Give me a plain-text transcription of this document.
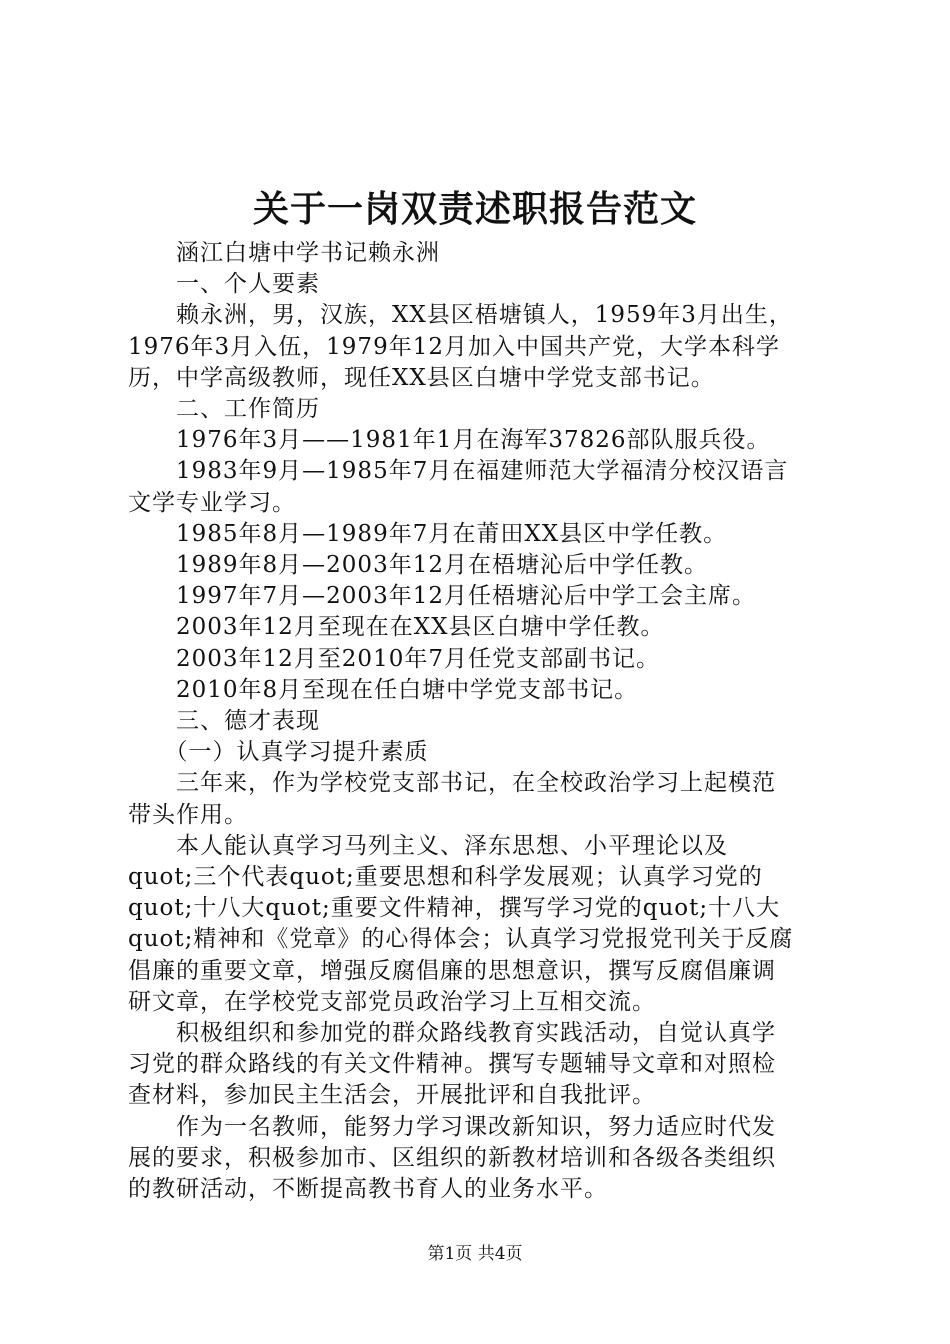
关于一岗双责述职报告范文
　　涵江白塘中学书记赖永洲
　　一、个人要素
　　赖永洲，男，汉族，XX县区梧塘镇人，1959年3月出生，
1976年3月入伍，1979年12月加入中国共产党，大学本科学
历，中学高级教师，现任XX县区白塘中学党支部书记。
　　二、工作简历
　　1976年3月——1981年1月在海军37826部队服兵役。
　　1983年9月—1985年7月在福建师范大学福清分校汉语言
文学专业学习。
　　1985年8月—1989年7月在莆田XX县区中学任教。
　　1989年8月—2003年12月在梧塘沁后中学任教。
　　1997年7月—2003年12月任梧塘沁后中学工会主席。
　　2003年12月至现在在XX县区白塘中学任教。
　　2003年12月至2010年7月任党支部副书记。
　　2010年8月至现在任白塘中学党支部书记。
　　三、德才表现
　　（一）认真学习提升素质
　　三年来，作为学校党支部书记，在全校政治学习上起模范
带头作用。
　　本人能认真学习马列主义、泽东思想、小平理论以及
quot;三个代表quot;重要思想和科学发展观；认真学习党的
quot;十八大quot;重要文件精神，撰写学习党的quot;十八大
quot;精神和《党章》的心得体会；认真学习党报党刊关于反腐
倡廉的重要文章，增强反腐倡廉的思想意识，撰写反腐倡廉调
研文章，在学校党支部党员政治学习上互相交流。
　　积极组织和参加党的群众路线教育实践活动，自觉认真学
习党的群众路线的有关文件精神。撰写专题辅导文章和对照检
查材料，参加民主生活会，开展批评和自我批评。
　　作为一名教师，能努力学习课改新知识，努力适应时代发
展的要求，积极参加市、区组织的新教材培训和各级各类组织
的教研活动，不断提高教书育人的业务水平。
第1页 共4页
